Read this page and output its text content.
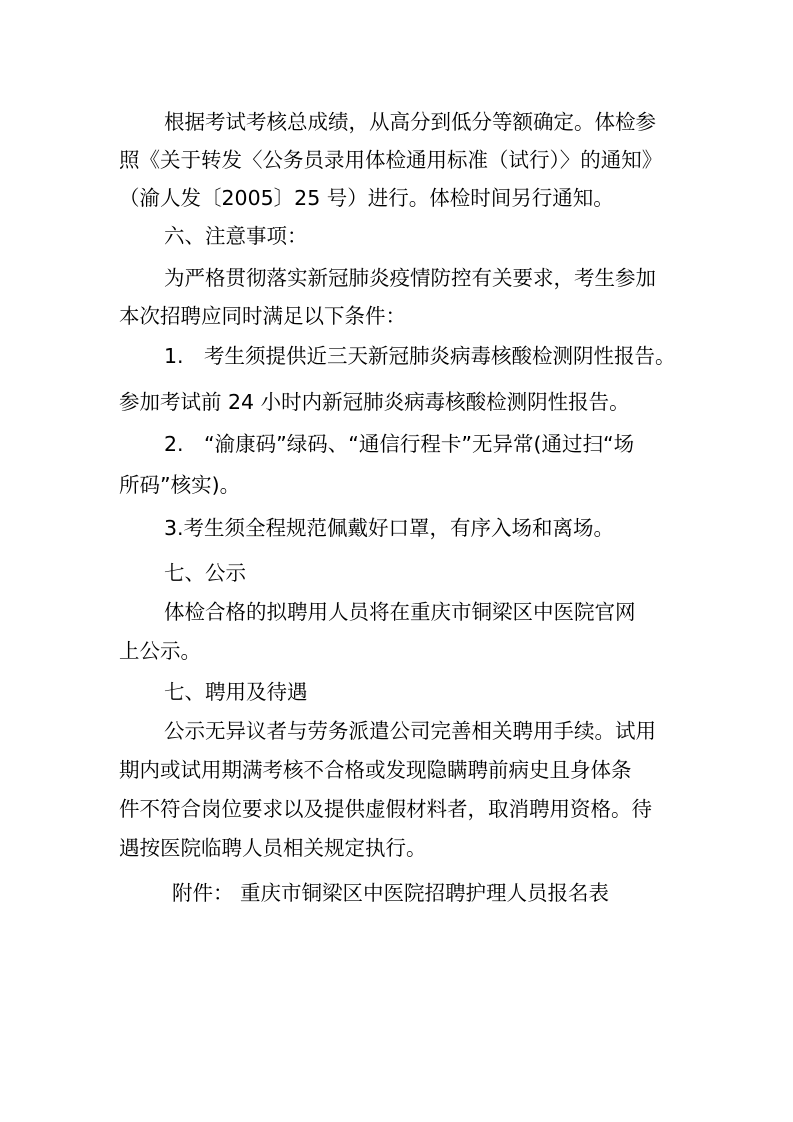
根据考试考核总成绩，从高分到低分等额确定。体检参
照《关于转发〈公务员录用体检通用标准（试行）〉的通知》
（渝人发〔2005〕25 号）进行。体检时间另行通知。
六、注意事项：
为严格贯彻落实新冠肺炎疫情防控有关要求，考生参加
本次招聘应同时满足以下条件：
1.　考生须提供近三天新冠肺炎病毒核酸检测阴性报告。
参加考试前 24 小时内新冠肺炎病毒核酸检测阴性报告。
2.　“渝康码”绿码、“通信行程卡”无异常(通过扫“场
所码”核实)。
3.考生须全程规范佩戴好口罩，有序入场和离场。
七、公示
体检合格的拟聘用人员将在重庆市铜梁区中医院官网
上公示。
七、聘用及待遇
公示无异议者与劳务派遣公司完善相关聘用手续。试用
期内或试用期满考核不合格或发现隐瞒聘前病史且身体条
件不符合岗位要求以及提供虚假材料者，取消聘用资格。待
遇按医院临聘人员相关规定执行。
附件： 重庆市铜梁区中医院招聘护理人员报名表
